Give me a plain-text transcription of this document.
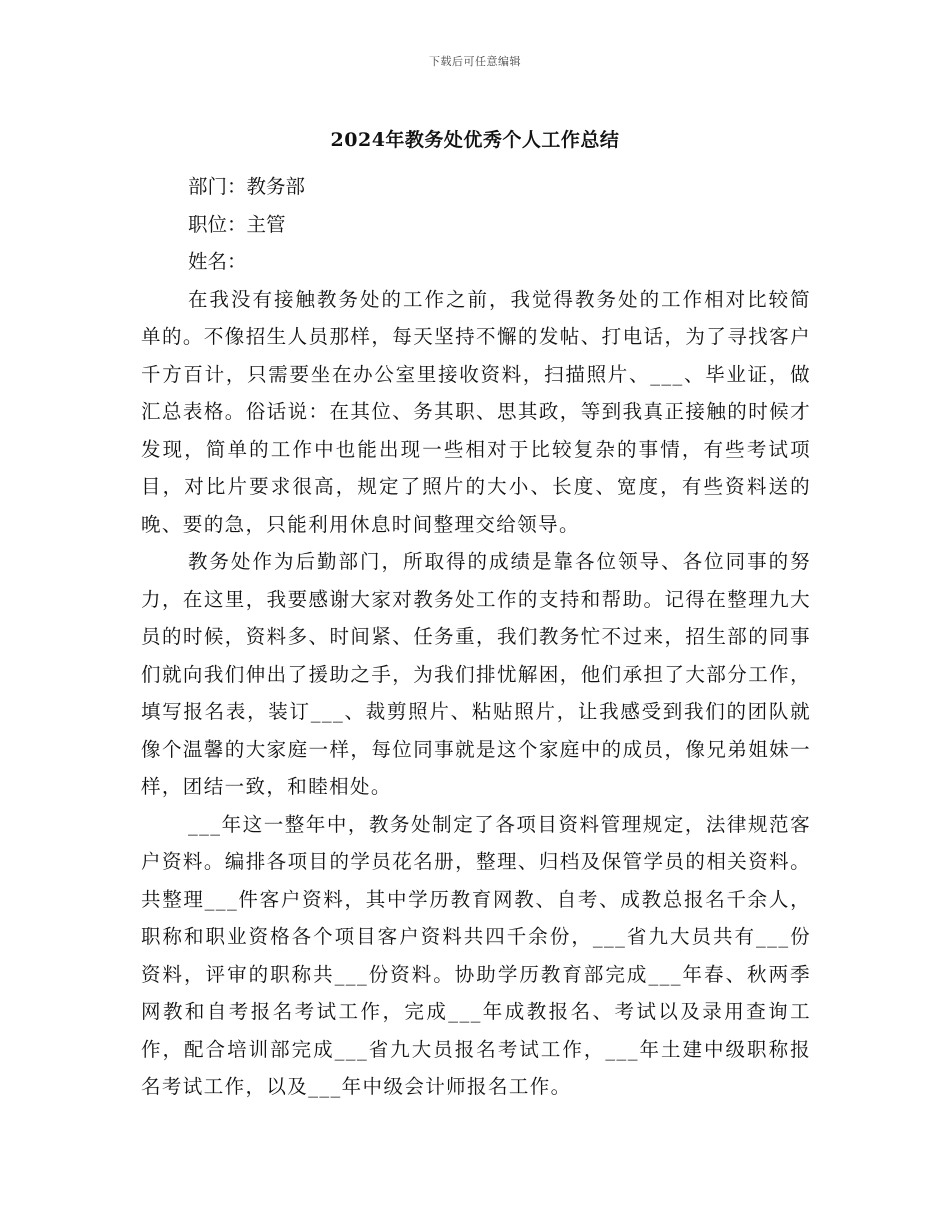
下载后可任意编辑
2024年教务处优秀个人工作总结

部门：教务部

职位：主管

姓名：

在我没有接触教务处的工作之前，我觉得教务处的工作相对比较简单的。不像招生人员那样，每天坚持不懈的发帖、打电话，为了寻找客户千方百计，只需要坐在办公室里接收资料，扫描照片、___、毕业证，做汇总表格。俗话说：在其位、务其职、思其政，等到我真正接触的时候才发现，简单的工作中也能出现一些相对于比较复杂的事情，有些考试项目，对比片要求很高，规定了照片的大小、长度、宽度，有些资料送的晚、要的急，只能利用休息时间整理交给领导。

教务处作为后勤部门，所取得的成绩是靠各位领导、各位同事的努力，在这里，我要感谢大家对教务处工作的支持和帮助。记得在整理九大员的时候，资料多、时间紧、任务重，我们教务忙不过来，招生部的同事们就向我们伸出了援助之手，为我们排忧解困，他们承担了大部分工作，填写报名表，装订___、裁剪照片、粘贴照片，让我感受到我们的团队就像个温馨的大家庭一样，每位同事就是这个家庭中的成员，像兄弟姐妹一样，团结一致，和睦相处。

___年这一整年中，教务处制定了各项目资料管理规定，法律规范客户资料。编排各项目的学员花名册，整理、归档及保管学员的相关资料。共整理___件客户资料，其中学历教育网教、自考、成教总报名千余人，职称和职业资格各个项目客户资料共四千余份，___省九大员共有___份资料，评审的职称共___份资料。协助学历教育部完成___年春、秋两季网教和自考报名考试工作，完成___年成教报名、考试以及录用查询工作，配合培训部完成___省九大员报名考试工作，___年土建中级职称报名考试工作，以及___年中级会计师报名工作。
